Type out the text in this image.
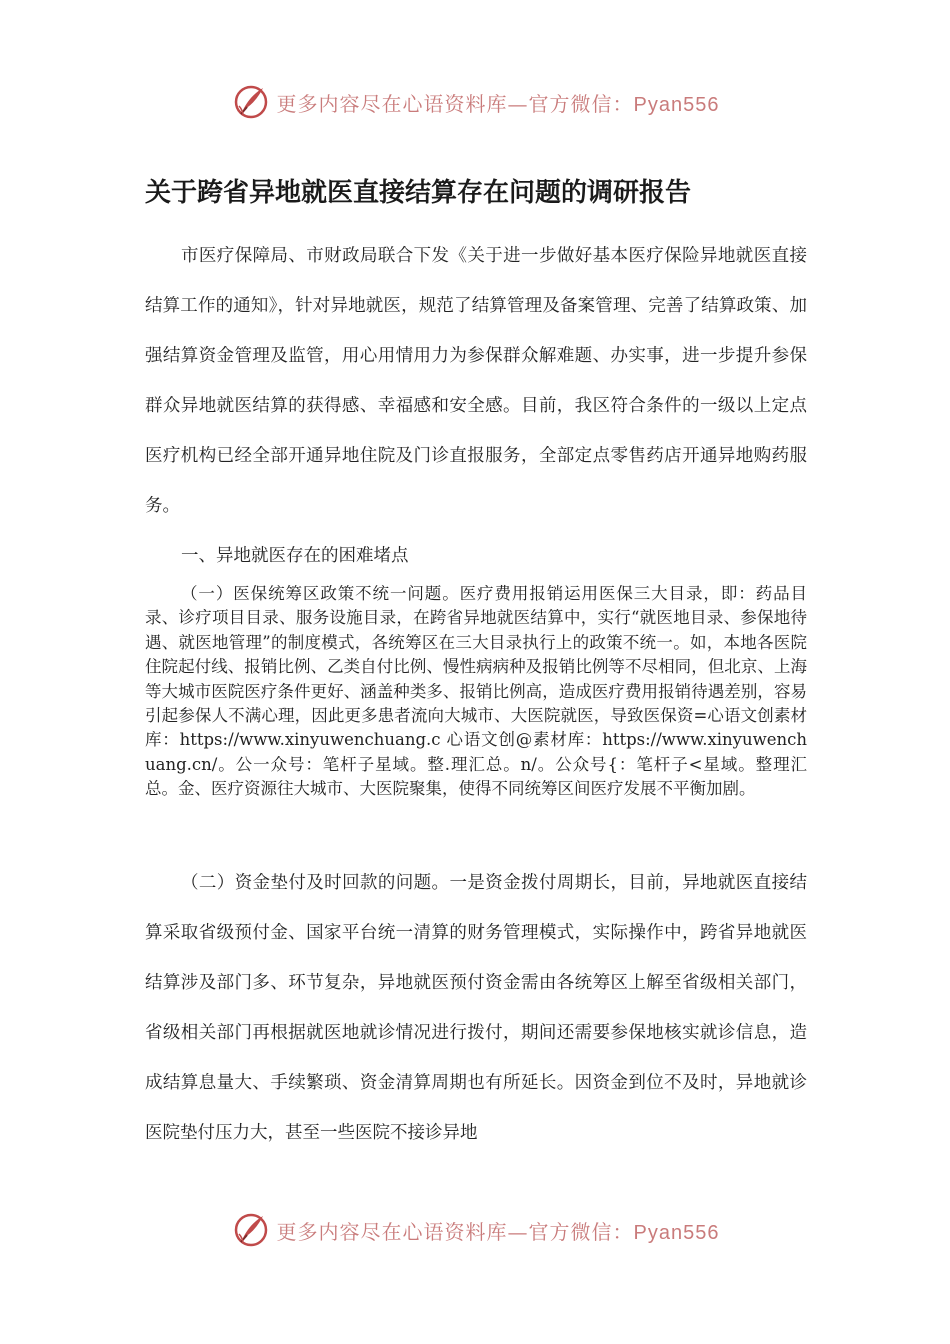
更多内容尽在心语资料库—官方微信：Pyan556
关于跨省异地就医直接结算存在问题的调研报告

市医疗保障局、市财政局联合下发《关于进一步做好基本医疗保险异地就医直接结算工作的通知》，针对异地就医，规范了结算管理及备案管理、完善了结算政策、加强结算资金管理及监管，用心用情用力为参保群众解难题、办实事，进一步提升参保群众异地就医结算的获得感、幸福感和安全感。目前，我区符合条件的一级以上定点医疗机构已经全部开通异地住院及门诊直报服务，全部定点零售药店开通异地购药服务。

一、异地就医存在的困难堵点

（一）医保统筹区政策不统一问题。医疗费用报销运用医保三大目录，即：药品目录、诊疗项目目录、服务设施目录，在跨省异地就医结算中，实行“就医地目录、参保地待遇、就医地管理”的制度模式，各统筹区在三大目录执行上的政策不统一。如，本地各医院住院起付线、报销比例、乙类自付比例、慢性病病种及报销比例等不尽相同，但北京、上海等大城市医院医疗条件更好、涵盖种类多、报销比例高，造成医疗费用报销待遇差别，容易引起参保人不满心理，因此更多患者流向大城市、大医院就医，导致医保资=心语文创素材库：https://www.xinyuwenchuang.c 心语文创@素材库：https://www.xinyuwenchuang.cn/。公一众号：笔杆子星域。整.理汇总。n/。公众号{：笔杆子<星域。整理汇总。金、医疗资源往大城市、大医院聚集，使得不同统筹区间医疗发展不平衡加剧。

（二）资金垫付及时回款的问题。一是资金拨付周期长，目前，异地就医直接结算采取省级预付金、国家平台统一清算的财务管理模式，实际操作中，跨省异地就医结算涉及部门多、环节复杂，异地就医预付资金需由各统筹区上解至省级相关部门，省级相关部门再根据就医地就诊情况进行拨付，期间还需要参保地核实就诊信息，造成结算息量大、手续繁琐、资金清算周期也有所延长。因资金到位不及时，异地就诊医院垫付压力大，甚至一些医院不接诊异地

更多内容尽在心语资料库—官方微信：Pyan556
